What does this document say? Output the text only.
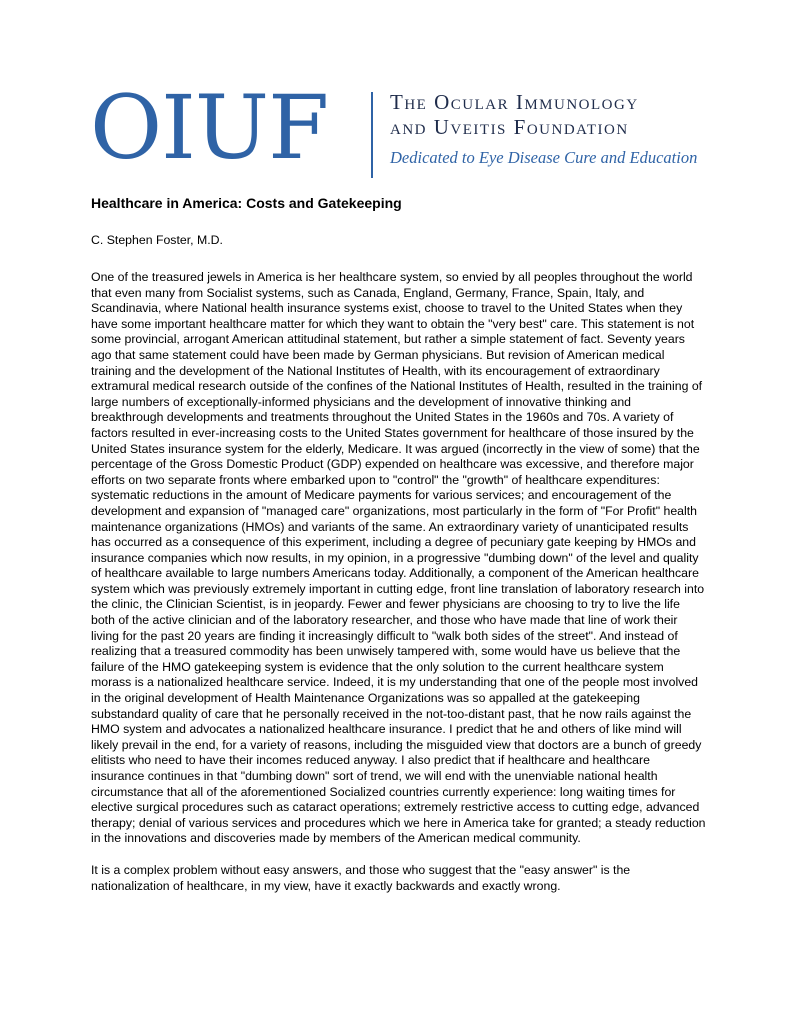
OIUF	The Ocular Immunology
and Uveitis Foundation
Dedicated to Eye Disease Cure and Education
Healthcare in America: Costs and Gatekeeping

C. Stephen Foster, M.D.

One of the treasured jewels in America is her healthcare system, so envied by all peoples throughout the world that even many from Socialist systems, such as Canada, England, Germany, France, Spain, Italy, and Scandinavia, where National health insurance systems exist, choose to travel to the United States when they have some important healthcare matter for which they want to obtain the "very best" care. This statement is not some provincial, arrogant American attitudinal statement, but rather a simple statement of fact. Seventy years ago that same statement could have been made by German physicians. But revision of American medical training and the development of the National Institutes of Health, with its encouragement of extraordinary extramural medical research outside of the confines of the National Institutes of Health, resulted in the training of large numbers of exceptionally-informed physicians and the development of innovative thinking and breakthrough developments and treatments throughout the United States in the 1960s and 70s. A variety of factors resulted in ever-increasing costs to the United States government for healthcare of those insured by the United States insurance system for the elderly, Medicare. It was argued (incorrectly in the view of some) that the percentage of the Gross Domestic Product (GDP) expended on healthcare was excessive, and therefore major efforts on two separate fronts where embarked upon to "control" the "growth" of healthcare expenditures: systematic reductions in the amount of Medicare payments for various services; and encouragement of the development and expansion of "managed care" organizations, most particularly in the form of "For Profit" health maintenance organizations (HMOs) and variants of the same. An extraordinary variety of unanticipated results has occurred as a consequence of this experiment, including a degree of pecuniary gate keeping by HMOs and insurance companies which now results, in my opinion, in a progressive "dumbing down" of the level and quality of healthcare available to large numbers Americans today. Additionally, a component of the American healthcare system which was previously extremely important in cutting edge, front line translation of laboratory research into the clinic, the Clinician Scientist, is in jeopardy. Fewer and fewer physicians are choosing to try to live the life both of the active clinician and of the laboratory researcher, and those who have made that line of work their living for the past 20 years are finding it increasingly difficult to "walk both sides of the street". And instead of realizing that a treasured commodity has been unwisely tampered with, some would have us believe that the failure of the HMO gatekeeping system is evidence that the only solution to the current healthcare system morass is a nationalized healthcare service. Indeed, it is my understanding that one of the people most involved in the original development of Health Maintenance Organizations was so appalled at the gatekeeping substandard quality of care that he personally received in the not-too-distant past, that he now rails against the HMO system and advocates a nationalized healthcare insurance. I predict that he and others of like mind will likely prevail in the end, for a variety of reasons, including the misguided view that doctors are a bunch of greedy elitists who need to have their incomes reduced anyway. I also predict that if healthcare and healthcare insurance continues in that "dumbing down" sort of trend, we will end with the unenviable national health circumstance that all of the aforementioned Socialized countries currently experience: long waiting times for elective surgical procedures such as cataract operations; extremely restrictive access to cutting edge, advanced therapy; denial of various services and procedures which we here in America take for granted; a steady reduction in the innovations and discoveries made by members of the American medical community.

It is a complex problem without easy answers, and those who suggest that the "easy answer" is the nationalization of healthcare, in my view, have it exactly backwards and exactly wrong.
